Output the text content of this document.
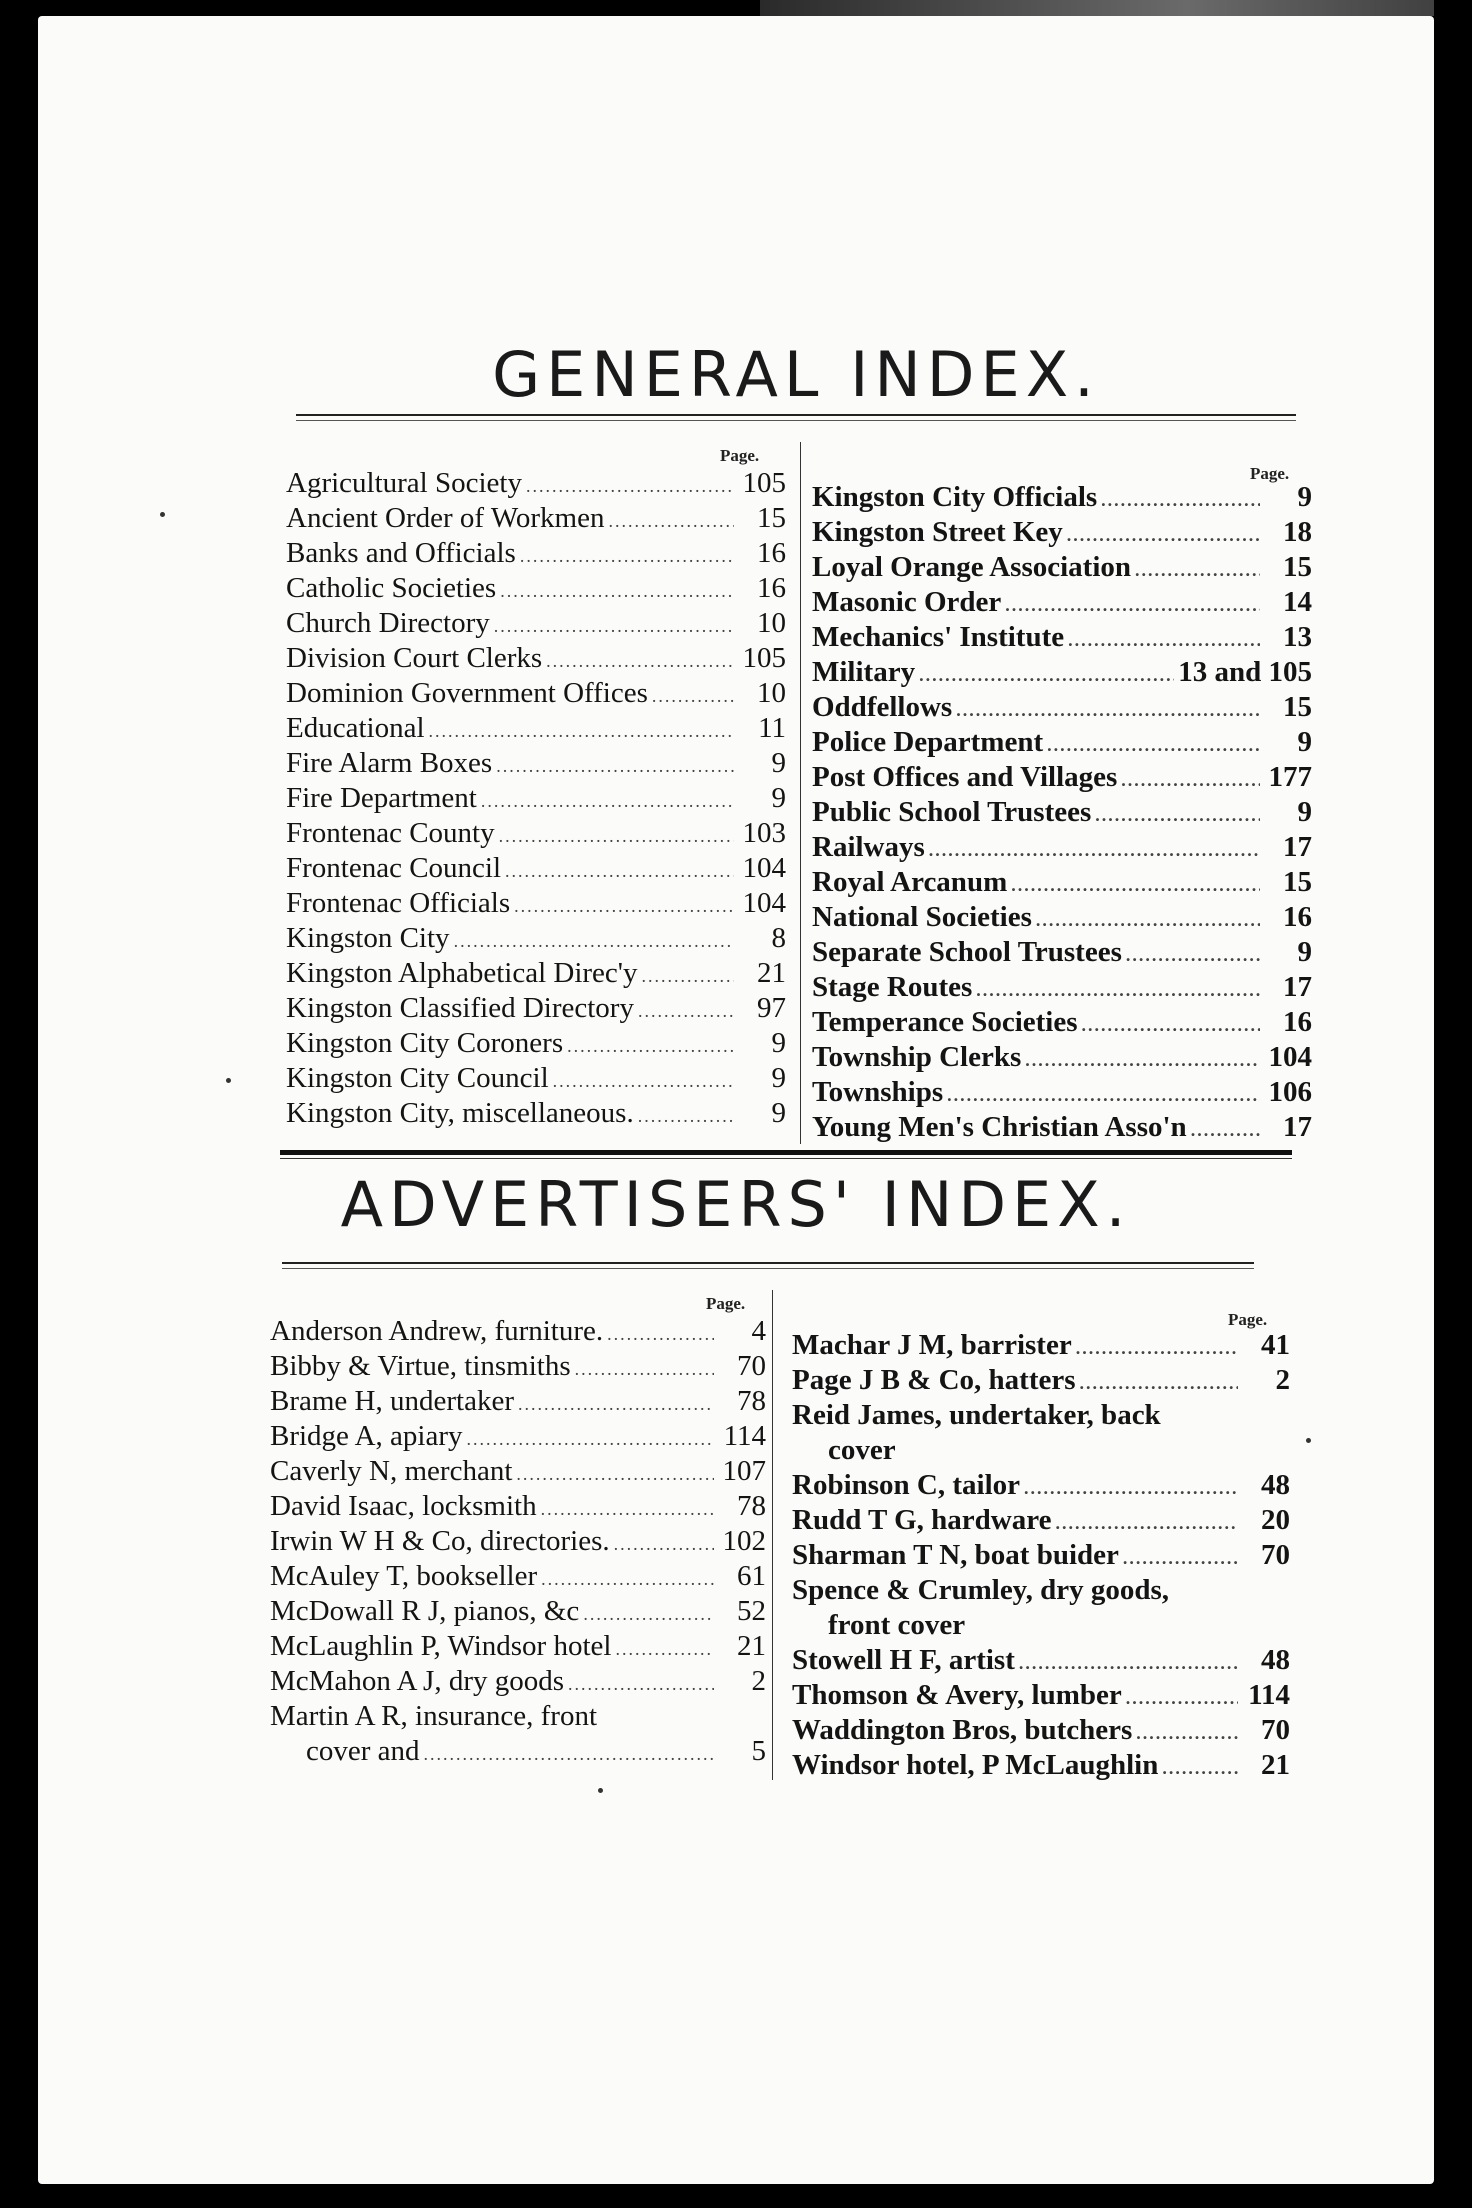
GENERAL INDEX.
Page.
Page.
Agricultural Society .....	105
Ancient Order of Workmen .....	15
Banks and Officials .....	16
Catholic Societies .....	16
Church Directory .....	10
Division Court Clerks .....	105
Dominion Government Offices .....	10
Educational .....	11
Fire Alarm Boxes .....	9
Fire Department .....	9
Frontenac County .....	103
Frontenac Council .....	104
Frontenac Officials .....	104
Kingston City .....	8
Kingston Alphabetical Direc'y .....	21
Kingston Classified Directory .....	97
Kingston City Coroners .....	9
Kingston City Council .....	9
Kingston City, miscellaneous. .....	9
Kingston City Officials .....	9
Kingston Street Key .....	18
Loyal Orange Association .....	15
Masonic Order .....	14
Mechanics' Institute .....	13
Military .....	13 and 105
Oddfellows .....	15
Police Department .....	9
Post Offices and Villages .....	177
Public School Trustees .....	9
Railways .....	17
Royal Arcanum .....	15
National Societies .....	16
Separate School Trustees .....	9
Stage Routes .....	17
Temperance Societies .....	16
Township Clerks .....	104
Townships .....	106
Young Men's Christian Asso'n .....	17
ADVERTISERS' INDEX.
Page.
Page.
Anderson Andrew, furniture. .....	4
Bibby & Virtue, tinsmiths .....	70
Brame H, undertaker .....	78
Bridge A, apiary .....	114
Caverly N, merchant .....	107
David Isaac, locksmith .....	78
Irwin W H & Co, directories. .....	102
McAuley T, bookseller .....	61
McDowall R J, pianos, &c .....	52
McLaughlin P, Windsor hotel .....	21
McMahon A J, dry goods .....	2
Martin A R, insurance, front
cover and .....	5
Machar J M, barrister .....	41
Page J B & Co, hatters .....	2
Reid James, undertaker, back
cover
Robinson C, tailor .....	48
Rudd T G, hardware .....	20
Sharman T N, boat buider .....	70
Spence & Crumley, dry goods,
front cover
Stowell H F, artist .....	48
Thomson & Avery, lumber .....	114
Waddington Bros, butchers .....	70
Windsor hotel, P McLaughlin .....	21
